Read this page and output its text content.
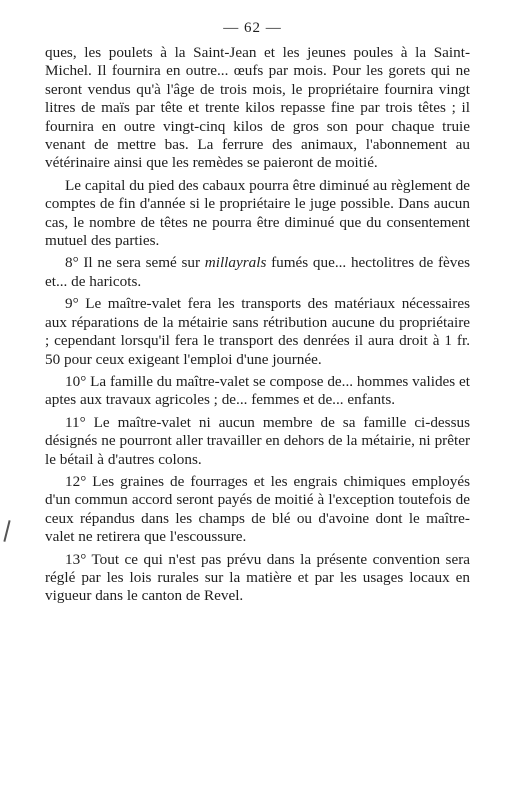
— 62 —

ques, les poulets à la Saint-Jean et les jeunes poules à la Saint-Michel. Il fournira en outre... œufs par mois. Pour les gorets qui ne seront vendus qu'à l'âge de trois mois, le propriétaire fournira vingt litres de maïs par tête et trente kilos repasse fine par trois têtes ; il fournira en outre vingt-cinq kilos de gros son pour chaque truie venant de mettre bas. La ferrure des animaux, l'abonnement au vétérinaire ainsi que les remèdes se paieront de moitié.

Le capital du pied des cabaux pourra être diminué au règlement de comptes de fin d'année si le propriétaire le juge possible. Dans aucun cas, le nombre de têtes ne pourra être diminué que du consentement mutuel des parties.

8° Il ne sera semé sur millayrals fumés que... hectolitres de fèves et... de haricots.

9° Le maître-valet fera les transports des matériaux nécessaires aux réparations de la métairie sans rétribution aucune du propriétaire ; cependant lorsqu'il fera le transport des denrées il aura droit à 1 fr. 50 pour ceux exigeant l'emploi d'une journée.

10° La famille du maître-valet se compose de... hommes valides et aptes aux travaux agricoles ; de... femmes et de... enfants.

11° Le maître-valet ni aucun membre de sa famille ci-dessus désignés ne pourront aller travailler en dehors de la métairie, ni prêter le bétail à d'autres colons.

12° Les graines de fourrages et les engrais chimiques employés d'un commun accord seront payés de moitié à l'exception toutefois de ceux répandus dans les champs de blé ou d'avoine dont le maître-valet ne retirera que l'escoussure.

13° Tout ce qui n'est pas prévu dans la présente convention sera réglé par les lois rurales sur la matière et par les usages locaux en vigueur dans le canton de Revel.
